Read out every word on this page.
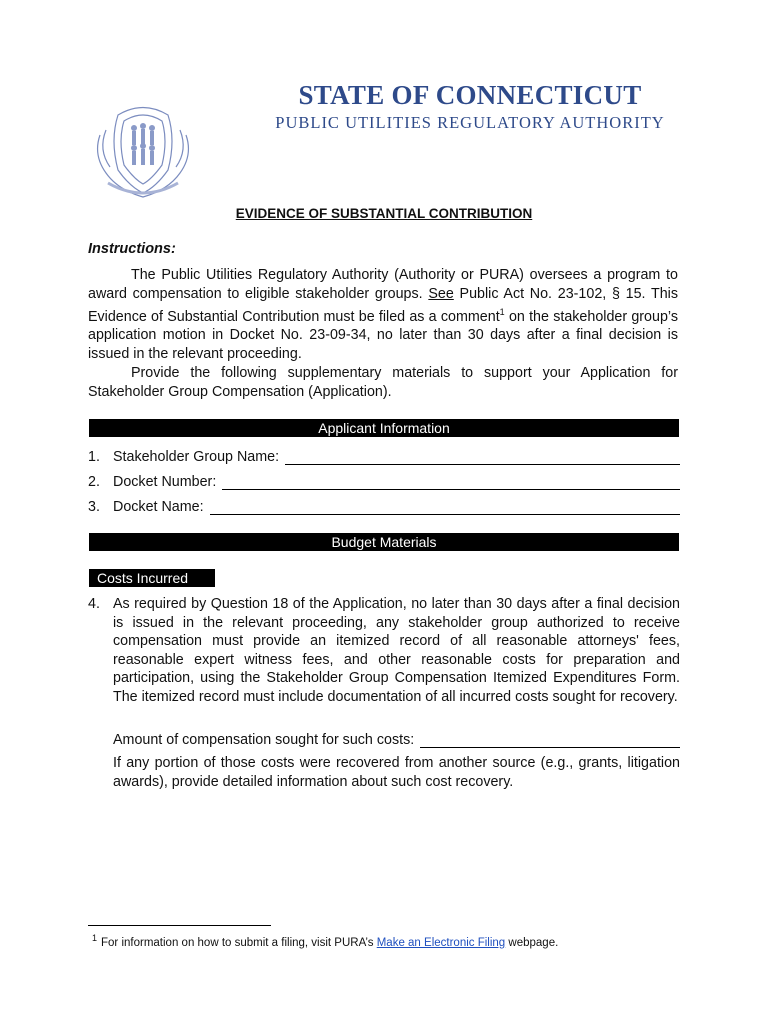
STATE OF CONNECTICUT
PUBLIC UTILITIES REGULATORY AUTHORITY
EVIDENCE OF SUBSTANTIAL CONTRIBUTION
Instructions:
The Public Utilities Regulatory Authority (Authority or PURA) oversees a program to award compensation to eligible stakeholder groups. See Public Act No. 23-102, § 15. This Evidence of Substantial Contribution must be filed as a comment$^1$ on the stakeholder group’s application motion in Docket No. 23-09-34, no later than 30 days after a final decision is issued in the relevant proceeding.
Provide the following supplementary materials to support your Application for Stakeholder Group Compensation (Application).
Applicant Information
1. Stakeholder Group Name:
2. Docket Number:
3. Docket Name:
Budget Materials
Costs Incurred
4. As required by Question 18 of the Application, no later than 30 days after a final decision is issued in the relevant proceeding, any stakeholder group authorized to receive compensation must provide an itemized record of all reasonable attorneys' fees, reasonable expert witness fees, and other reasonable costs for preparation and participation, using the Stakeholder Group Compensation Itemized Expenditures Form. The itemized record must include documentation of all incurred costs sought for recovery.
Amount of compensation sought for such costs:
If any portion of those costs were recovered from another source (e.g., grants, litigation awards), provide detailed information about such cost recovery.
$^1$ For information on how to submit a filing, visit PURA’s Make an Electronic Filing webpage.
